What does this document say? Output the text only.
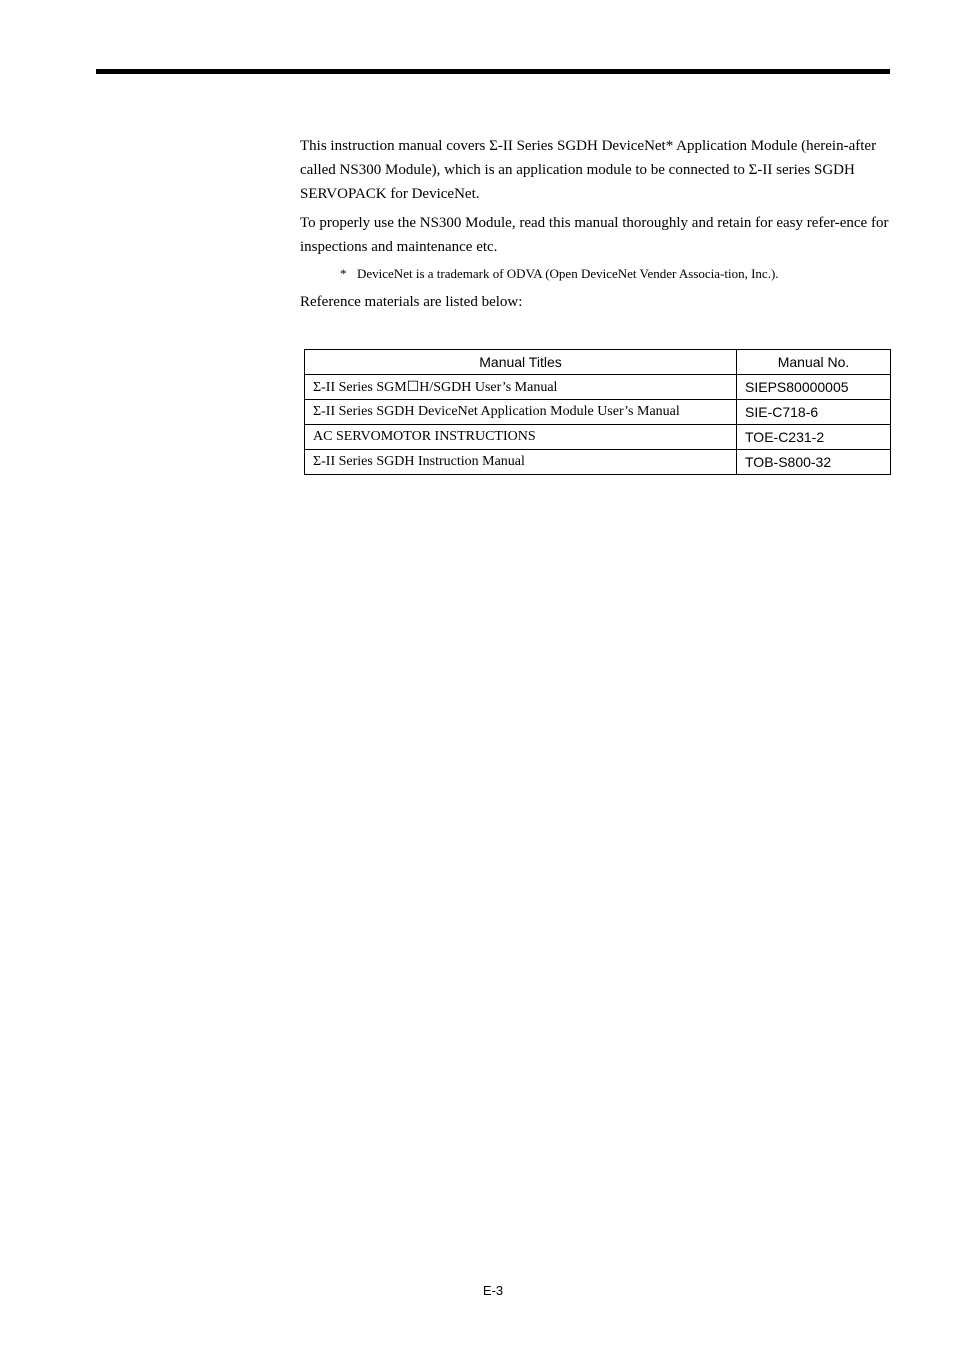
This instruction manual covers Σ-II Series SGDH DeviceNet* Application Module (herein-after called NS300 Module), which is an application module to be connected to Σ-II series SGDH SERVOPACK for DeviceNet.

To properly use the NS300 Module, read this manual thoroughly and retain for easy refer-ence for inspections and maintenance etc.

* DeviceNet is a trademark of ODVA (Open DeviceNet Vender Associa-tion, Inc.).

Reference materials are listed below:

Manual Titles	Manual No.
Σ-II Series SGM☐H/SGDH User’s Manual	SIEPS80000005
Σ-II Series SGDH DeviceNet Application Module User’s Manual	SIE-C718-6
AC SERVOMOTOR INSTRUCTIONS	TOE-C231-2
Σ-II Series SGDH Instruction Manual	TOB-S800-32
E-3
